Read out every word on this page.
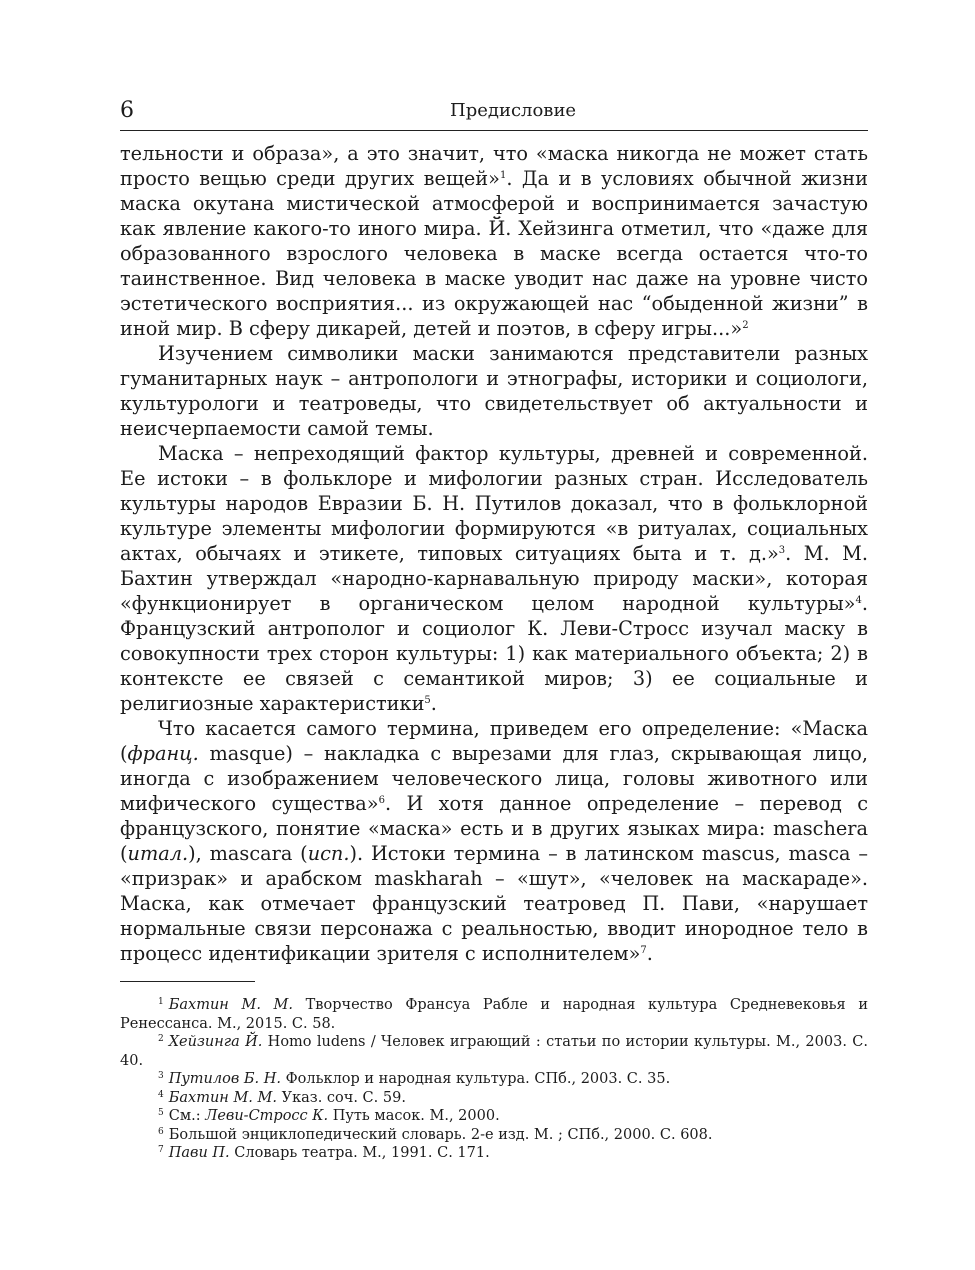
6	Предисловие

тельности и образа», а это значит, что «маска никогда не может стать просто вещью среди других вещей»$^1$. Да и в условиях обычной жизни маска окутана мистической атмосферой и воспринимается зачастую как явление какого-то иного мира. Й. Хейзинга отметил, что «даже для образованного взрослого человека в маске всегда остается что-то таинственное. Вид человека в маске уводит нас даже на уровне чисто эстетического восприятия... из окружающей нас “обыденной жизни” в иной мир. В сферу дикарей, детей и поэтов, в сферу игры...»$^2$

Изучением символики маски занимаются представители разных гуманитарных наук – антропологи и этнографы, историки и социологи, культурологи и театроведы, что свидетельствует об актуальности и неисчерпаемости самой темы.

Маска – непреходящий фактор культуры, древней и современной. Ее истоки – в фольклоре и мифологии разных стран. Исследователь культуры народов Евразии Б. Н. Путилов доказал, что в фольклорной культуре элементы мифологии формируются «в ритуалах, социальных актах, обычаях и этикете, типовых ситуациях быта и т. д.»$^3$. М. М. Бахтин утверждал «народно-карнавальную природу маски», которая «функционирует в органическом целом народной культуры»$^4$. Французский антрополог и социолог К. Леви-Стросс изучал маску в совокупности трех сторон культуры: 1) как материального объекта; 2) в контексте ее связей с семантикой миров; 3) ее социальные и религиозные характеристики$^5$.

Что касается самого термина, приведем его определение: «Маска (франц. masque) – накладка с вырезами для глаз, скрывающая лицо, иногда с изображением человеческого лица, головы животного или мифического существа»$^6$. И хотя данное определение – перевод с французского, понятие «маска» есть и в других языках мира: maschera (итал.), mascara (исп.). Истоки термина – в латинском mascus, masca – «призрак» и арабском maskharah – «шут», «человек на маскараде». Маска, как отмечает французский театровед П. Пави, «нарушает нормальные связи персонажа с реальностью, вводит инородное тело в процесс идентификации зрителя с исполнителем»$^7$.

$^1$ Бахтин М. М. Творчество Франсуа Рабле и народная культура Средневековья и Ренессанса. М., 2015. С. 58.

$^2$ Хейзинга Й. Homo ludens / Человек играющий : статьи по истории культуры. М., 2003. С. 40.

$^3$ Путилов Б. Н. Фольклор и народная культура. СПб., 2003. С. 35.

$^4$ Бахтин М. М. Указ. соч. С. 59.

$^5$ См.: Леви-Стросс К. Путь масок. М., 2000.

$^6$ Большой энциклопедический словарь. 2-е изд. М. ; СПб., 2000. С. 608.

$^7$ Пави П. Словарь театра. М., 1991. С. 171.
